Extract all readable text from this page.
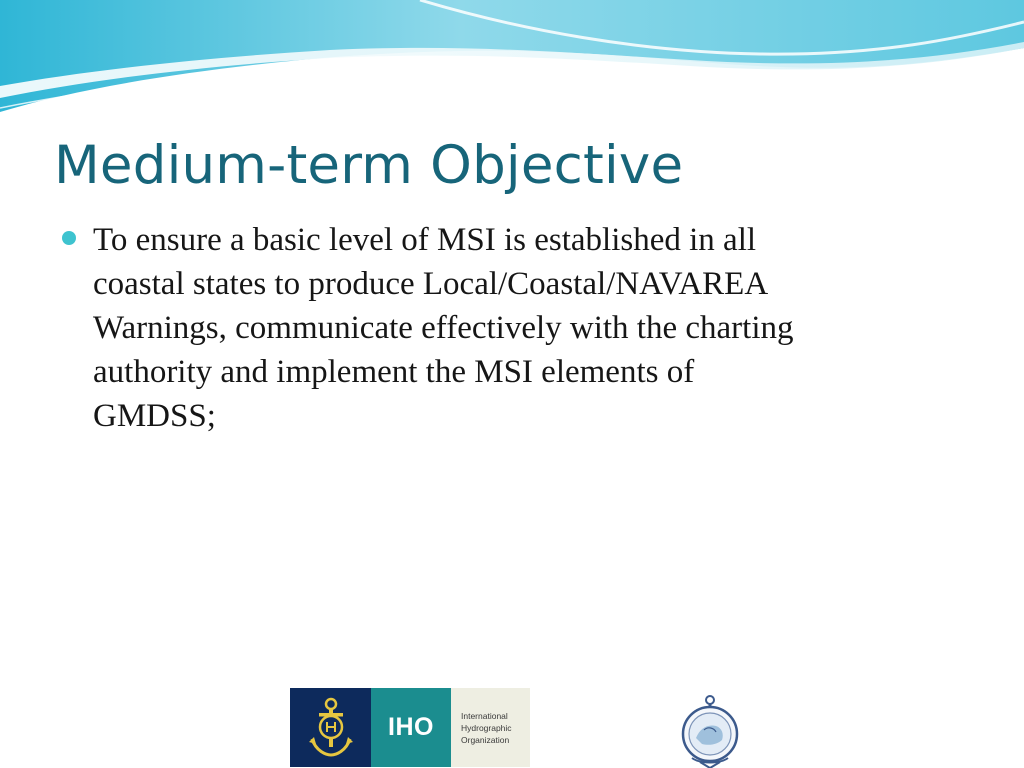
Medium-term Objective
To ensure a basic level of MSI is established in all
coastal states to produce Local/Coastal/NAVAREA
Warnings, communicate effectively with the charting
authority and implement the MSI elements of
GMDSS;
IHO	International
Hydrographic
Organization
